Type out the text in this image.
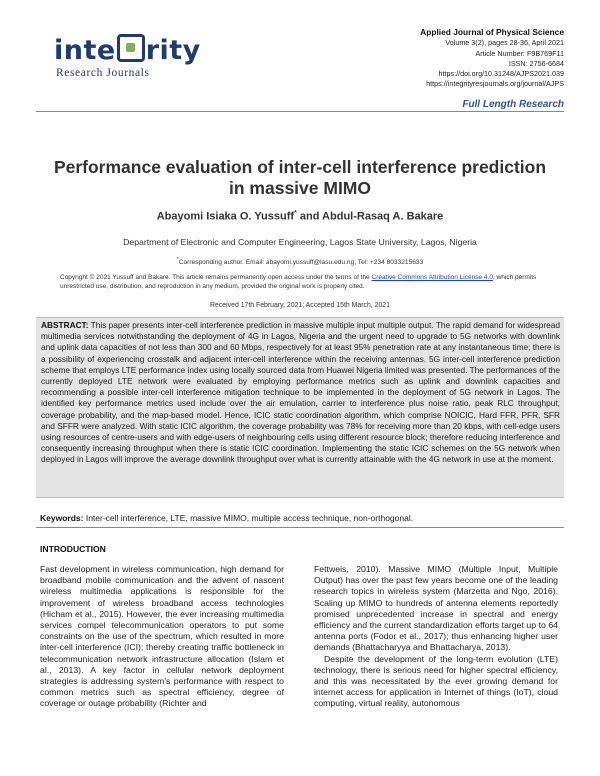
inte rity
Research Journals
Applied Journal of Physical Science
Volume 3(2), pages 28-36, April 2021
Article Number: F9B769F11
ISSN: 2756-6684
https://doi.org/10.31248/AJPS2021.039
https://integrityresjournals.org/journal/AJPS
Full Length Research
Performance evaluation of inter-cell interference prediction in massive MIMO
Abayomi Isiaka O. Yussuff* and Abdul-Rasaq A. Bakare
Department of Electronic and Computer Engineering, Lagos State University, Lagos, Nigeria
*Corresponding author. Email: abayomi.yussuff@lasu.edu.ng; Tel: +234 8033215633
Copyright © 2021 Yussuff and Bakare. This article remains permanently open access under the terms of the Creative Commons Attribution License 4.0, which permits unrestricted use, distribution, and reproduction in any medium, provided the original work is properly cited.
Received 17th February, 2021; Accepted 15th March, 2021
ABSTRACT: This paper presents inter-cell interference prediction in massive multiple input multiple output. The rapid demand for widespread multimedia services notwithstanding the deployment of 4G in Lagos, Nigeria and the urgent need to upgrade to 5G networks with downlink and uplink data capacities of not less than 300 and 60 Mbps, respectively for at least 95% penetration rate at any instantaneous time; there is a possibility of experiencing crosstalk and adjacent inter-cell interference within the receiving antennas. 5G inter-cell interference prediction scheme that employs LTE performance index using locally sourced data from Huawei Nigeria limited was presented. The performances of the currently deployed LTE network were evaluated by employing performance metrics such as uplink and downlink capacities and recommending a possible inter-cell interference mitigation technique to be implemented in the deployment of 5G network in Lagos. The identified key performance metrics used include over the air emulation, carrier to interference plus noise ratio, peak RLC throughput, coverage probability, and the map-based model. Hence, ICIC static coordination algorithm, which comprise NOICIC, Hard FFR, PFR, SFR and SFFR were analyzed. With static ICIC algorithm, the coverage probability was 78% for receiving more than 20 kbps, with cell-edge users using resources of centre-users and with edge-users of neighbouring cells using different resource block; therefore reducing interference and consequently increasing throughput when there is static ICIC coordination. Implementing the static ICIC schemes on the 5G network when deployed in Lagos will improve the average downlink throughput over what is currently attainable with the 4G network in use at the moment.
Keywords: Inter-cell interference, LTE, massive MIMO, multiple access technique, non-orthogonal.
INTRODUCTION

Fast development in wireless communication, high demand for broadband mobile communication and the advent of nascent wireless multimedia applications is responsible for the improvement of wireless broadband access technologies (Hicham et al., 2015). However, the ever increasing multimedia services compel telecommunication operators to put some constraints on the use of the spectrum, which resulted in more inter-cell interference (ICI); thereby creating traffic bottleneck in telecommunication network infrastructure allocation (Islam et al., 2013). A key factor in cellular network deployment strategies is addressing system’s performance with respect to common metrics such as spectral efficiency, degree of coverage or outage probability (Richter and

Fettweis, 2010). Massive MIMO (Multiple Input, Multiple Output) has over the past few years become one of the leading research topics in wireless system (Marzetta and Ngo, 2016). Scaling up MIMO to hundreds of antenna elements reportedly promised unprecedented increase in spectral and energy efficiency and the current standardization efforts target up to 64 antenna ports (Fodor et al., 2017); thus enhancing higher user demands (Bhattacharyya and Bhattacharya, 2013).

Despite the development of the long-term evolution (LTE) technology, there is serious need for higher spectral efficiency, and this was necessitated by the ever growing demand for internet access for application in Internet of things (IoT), cloud computing, virtual reality, autonomous
